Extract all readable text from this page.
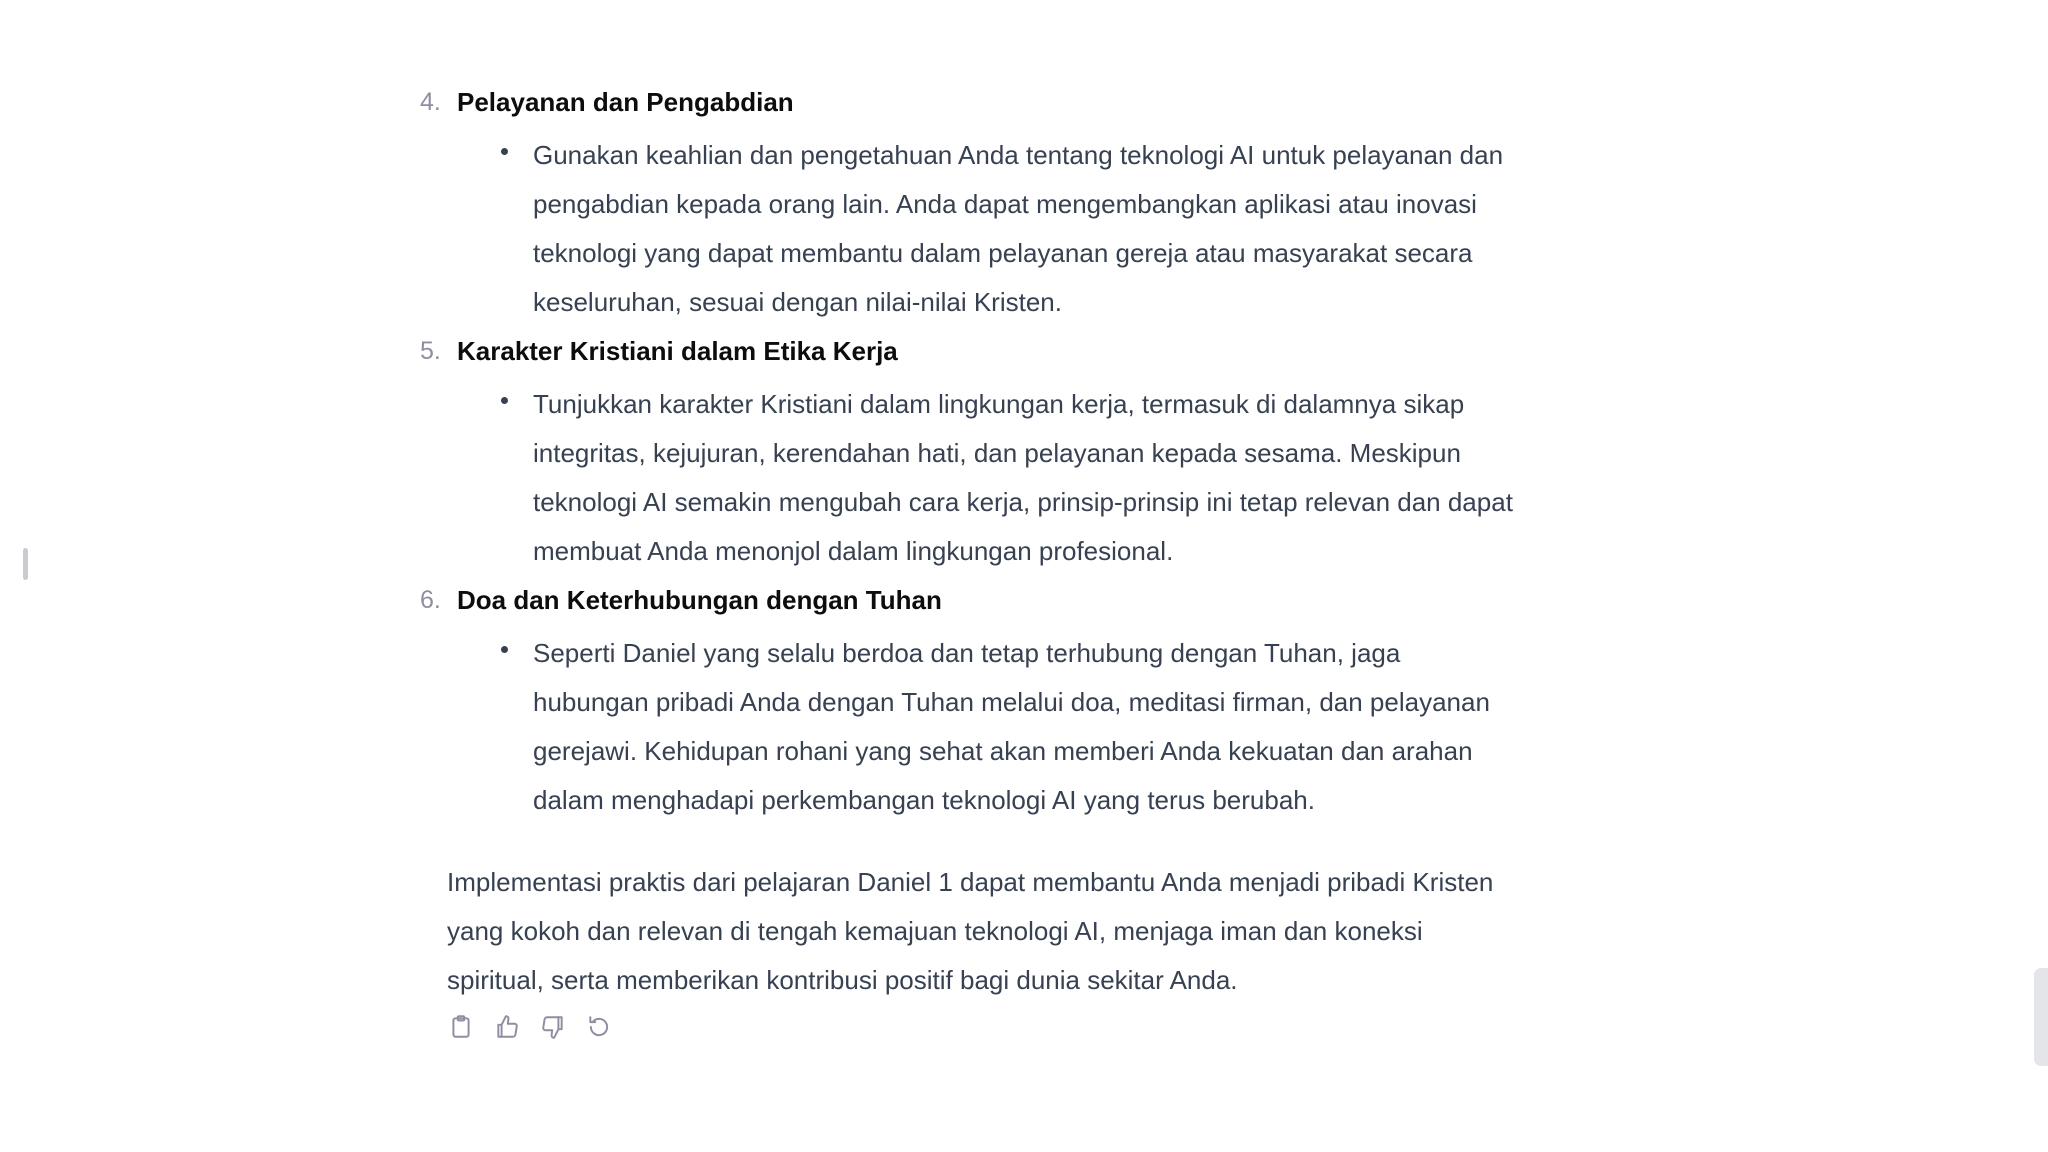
4. Pelayanan dan Pengabdian
Gunakan keahlian dan pengetahuan Anda tentang teknologi AI untuk pelayanan dan pengabdian kepada orang lain. Anda dapat mengembangkan aplikasi atau inovasi teknologi yang dapat membantu dalam pelayanan gereja atau masyarakat secara keseluruhan, sesuai dengan nilai-nilai Kristen.
5. Karakter Kristiani dalam Etika Kerja
Tunjukkan karakter Kristiani dalam lingkungan kerja, termasuk di dalamnya sikap integritas, kejujuran, kerendahan hati, dan pelayanan kepada sesama. Meskipun teknologi AI semakin mengubah cara kerja, prinsip-prinsip ini tetap relevan dan dapat membuat Anda menonjol dalam lingkungan profesional.
6. Doa dan Keterhubungan dengan Tuhan
Seperti Daniel yang selalu berdoa dan tetap terhubung dengan Tuhan, jaga hubungan pribadi Anda dengan Tuhan melalui doa, meditasi firman, dan pelayanan gerejawi. Kehidupan rohani yang sehat akan memberi Anda kekuatan dan arahan dalam menghadapi perkembangan teknologi AI yang terus berubah.

Implementasi praktis dari pelajaran Daniel 1 dapat membantu Anda menjadi pribadi Kristen yang kokoh dan relevan di tengah kemajuan teknologi AI, menjaga iman dan koneksi spiritual, serta memberikan kontribusi positif bagi dunia sekitar Anda.
